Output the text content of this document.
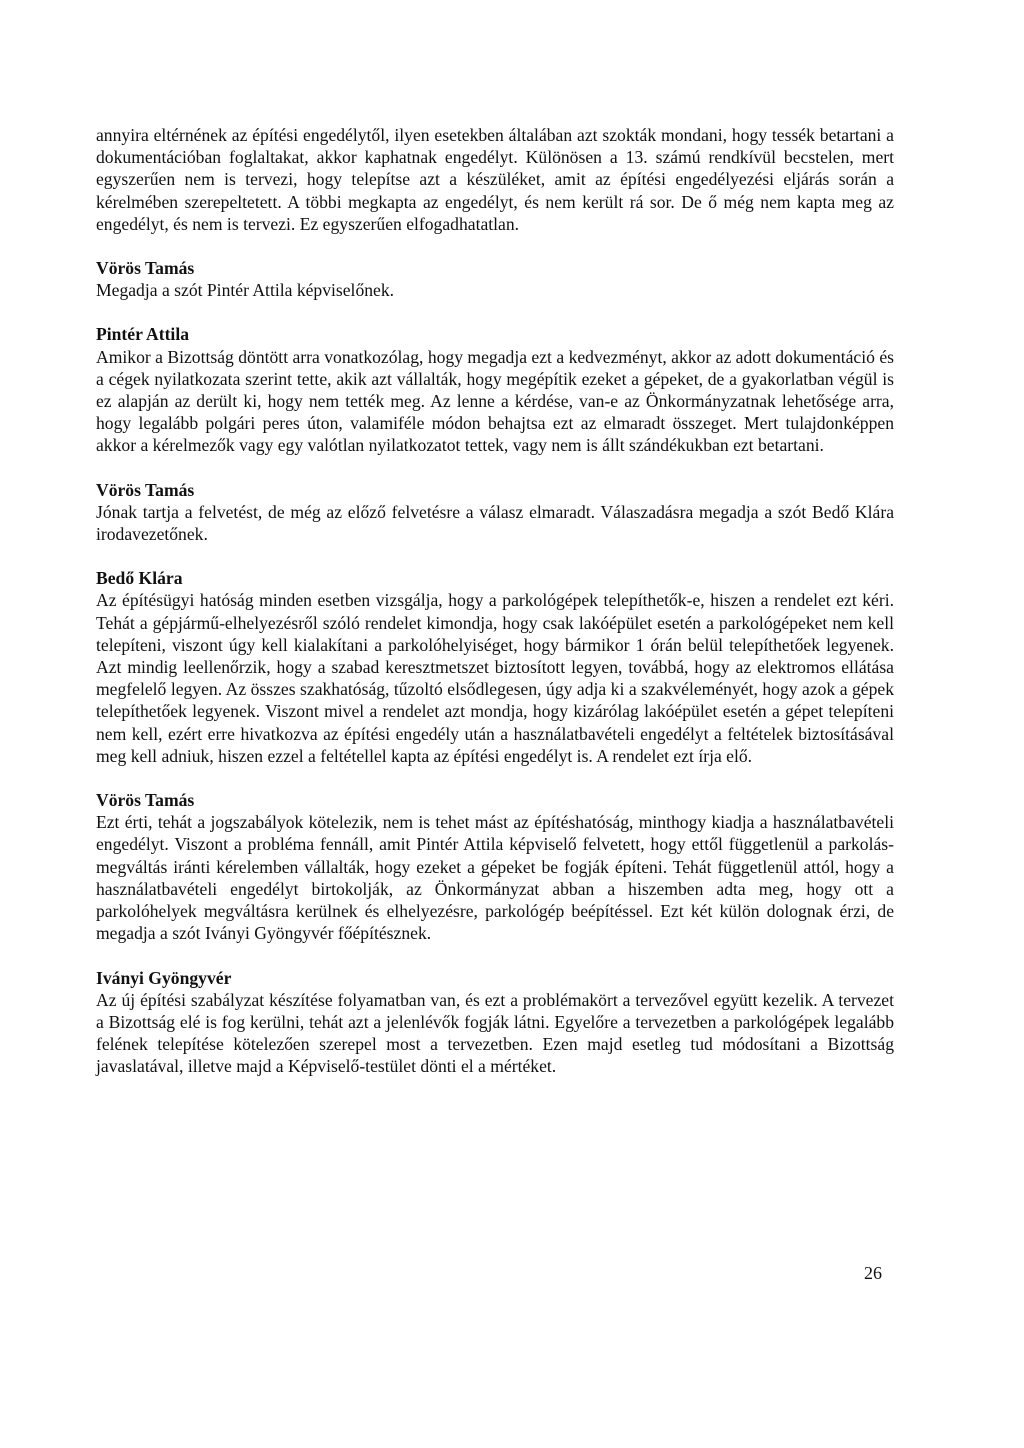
annyira eltérnének az építési engedélytől, ilyen esetekben általában azt szokták mondani, hogy tessék betartani a dokumentációban foglaltakat, akkor kaphatnak engedélyt. Különösen a 13. számú rendkívül becstelen, mert egyszerűen nem is tervezi, hogy telepítse azt a készüléket, amit az építési engedélyezési eljárás során a kérelmében szerepeltetett. A többi megkapta az engedélyt, és nem került rá sor. De ő még nem kapta meg az engedélyt, és nem is tervezi. Ez egyszerűen elfogadhatatlan.

Vörös Tamás

Megadja a szót Pintér Attila képviselőnek.

Pintér Attila

Amikor a Bizottság döntött arra vonatkozólag, hogy megadja ezt a kedvezményt, akkor az adott dokumentáció és a cégek nyilatkozata szerint tette, akik azt vállalták, hogy megépítik ezeket a gépeket, de a gyakorlatban végül is ez alapján az derült ki, hogy nem tették meg. Az lenne a kérdése, van-e az Önkormányzatnak lehetősége arra, hogy legalább polgári peres úton, valamiféle módon behajtsa ezt az elmaradt összeget. Mert tulajdonképpen akkor a kérelmezők vagy egy valótlan nyilatkozatot tettek, vagy nem is állt szándékukban ezt betartani.

Vörös Tamás

Jónak tartja a felvetést, de még az előző felvetésre a válasz elmaradt. Válaszadásra megadja a szót Bedő Klára irodavezetőnek.

Bedő Klára

Az építésügyi hatóság minden esetben vizsgálja, hogy a parkológépek telepíthetők-e, hiszen a rendelet ezt kéri. Tehát a gépjármű-elhelyezésről szóló rendelet kimondja, hogy csak lakóépület esetén a parkológépeket nem kell telepíteni, viszont úgy kell kialakítani a parkolóhelyiséget, hogy bármikor 1 órán belül telepíthetőek legyenek. Azt mindig leellenőrzik, hogy a szabad keresztmetszet biztosított legyen, továbbá, hogy az elektromos ellátása megfelelő legyen. Az összes szakhatóság, tűzoltó elsődlegesen, úgy adja ki a szakvéleményét, hogy azok a gépek telepíthetőek legyenek. Viszont mivel a rendelet azt mondja, hogy kizárólag lakóépület esetén a gépet telepíteni nem kell, ezért erre hivatkozva az építési engedély után a használatbavételi engedélyt a feltételek biztosításával meg kell adniuk, hiszen ezzel a feltétellel kapta az építési engedélyt is. A rendelet ezt írja elő.

Vörös Tamás

Ezt érti, tehát a jogszabályok kötelezik, nem is tehet mást az építéshatóság, minthogy kiadja a használatbavételi engedélyt. Viszont a probléma fennáll, amit Pintér Attila képviselő felvetett, hogy ettől függetlenül a parkolás-megváltás iránti kérelemben vállalták, hogy ezeket a gépeket be fogják építeni. Tehát függetlenül attól, hogy a használatbavételi engedélyt birtokolják, az Önkormányzat abban a hiszemben adta meg, hogy ott a parkolóhelyek megváltásra kerülnek és elhelyezésre, parkológép beépítéssel. Ezt két külön dolognak érzi, de megadja a szót Iványi Gyöngyvér főépítésznek.

Iványi Gyöngyvér

Az új építési szabályzat készítése folyamatban van, és ezt a problémakört a tervezővel együtt kezelik. A tervezet a Bizottság elé is fog kerülni, tehát azt a jelenlévők fogják látni. Egyelőre a tervezetben a parkológépek legalább felének telepítése kötelezően szerepel most a tervezetben. Ezen majd esetleg tud módosítani a Bizottság javaslatával, illetve majd a Képviselő-testület dönti el a mértéket.

26
